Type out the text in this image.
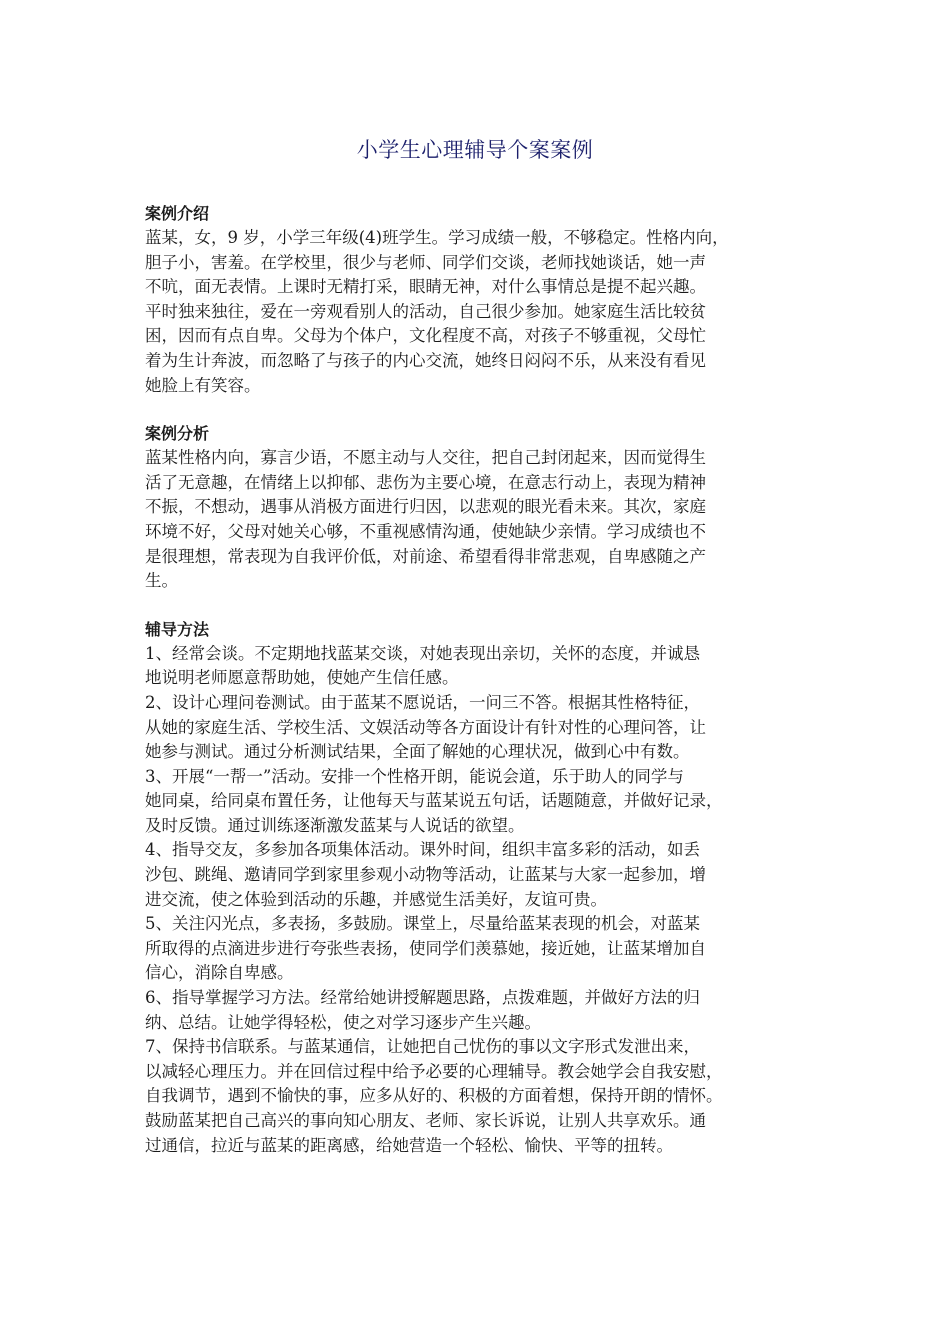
小学生心理辅导个案案例
案例介绍
蓝某，女，9 岁，小学三年级(4)班学生。学习成绩一般，不够稳定。性格内向，
胆子小，害羞。在学校里，很少与老师、同学们交谈，老师找她谈话，她一声
不吭，面无表情。上课时无精打采，眼睛无神，对什么事情总是提不起兴趣。
平时独来独往，爱在一旁观看别人的活动，自己很少参加。她家庭生活比较贫
困，因而有点自卑。父母为个体户，文化程度不高，对孩子不够重视，父母忙
着为生计奔波，而忽略了与孩子的内心交流，她终日闷闷不乐，从来没有看见
她脸上有笑容。
案例分析
蓝某性格内向，寡言少语，不愿主动与人交往，把自己封闭起来，因而觉得生
活了无意趣，在情绪上以抑郁、悲伤为主要心境，在意志行动上，表现为精神
不振，不想动，遇事从消极方面进行归因，以悲观的眼光看未来。其次，家庭
环境不好，父母对她关心够，不重视感情沟通，使她缺少亲情。学习成绩也不
是很理想，常表现为自我评价低，对前途、希望看得非常悲观，自卑感随之产
生。
辅导方法
1、经常会谈。不定期地找蓝某交谈，对她表现出亲切，关怀的态度，并诚恳
地说明老师愿意帮助她，使她产生信任感。
2、设计心理问卷测试。由于蓝某不愿说话，一问三不答。根据其性格特征，
从她的家庭生活、学校生活、文娱活动等各方面设计有针对性的心理问答，让
她参与测试。通过分析测试结果，全面了解她的心理状况，做到心中有数。
3、开展“一帮一”活动。安排一个性格开朗，能说会道，乐于助人的同学与
她同桌，给同桌布置任务，让他每天与蓝某说五句话，话题随意，并做好记录，
及时反馈。通过训练逐渐激发蓝某与人说话的欲望。
4、指导交友，多参加各项集体活动。课外时间，组织丰富多彩的活动，如丢
沙包、跳绳、邀请同学到家里参观小动物等活动，让蓝某与大家一起参加，增
进交流，使之体验到活动的乐趣，并感觉生活美好，友谊可贵。
5、关注闪光点，多表扬，多鼓励。课堂上，尽量给蓝某表现的机会，对蓝某
所取得的点滴进步进行夸张些表扬，使同学们羡慕她，接近她，让蓝某增加自
信心，消除自卑感。
6、指导掌握学习方法。经常给她讲授解题思路，点拨难题，并做好方法的归
纳、总结。让她学得轻松，使之对学习逐步产生兴趣。
7、保持书信联系。与蓝某通信，让她把自己忧伤的事以文字形式发泄出来，
以减轻心理压力。并在回信过程中给予必要的心理辅导。教会她学会自我安慰，
自我调节，遇到不愉快的事，应多从好的、积极的方面着想，保持开朗的情怀。
鼓励蓝某把自己高兴的事向知心朋友、老师、家长诉说，让别人共享欢乐。通
过通信，拉近与蓝某的距离感，给她营造一个轻松、愉快、平等的扭转。
